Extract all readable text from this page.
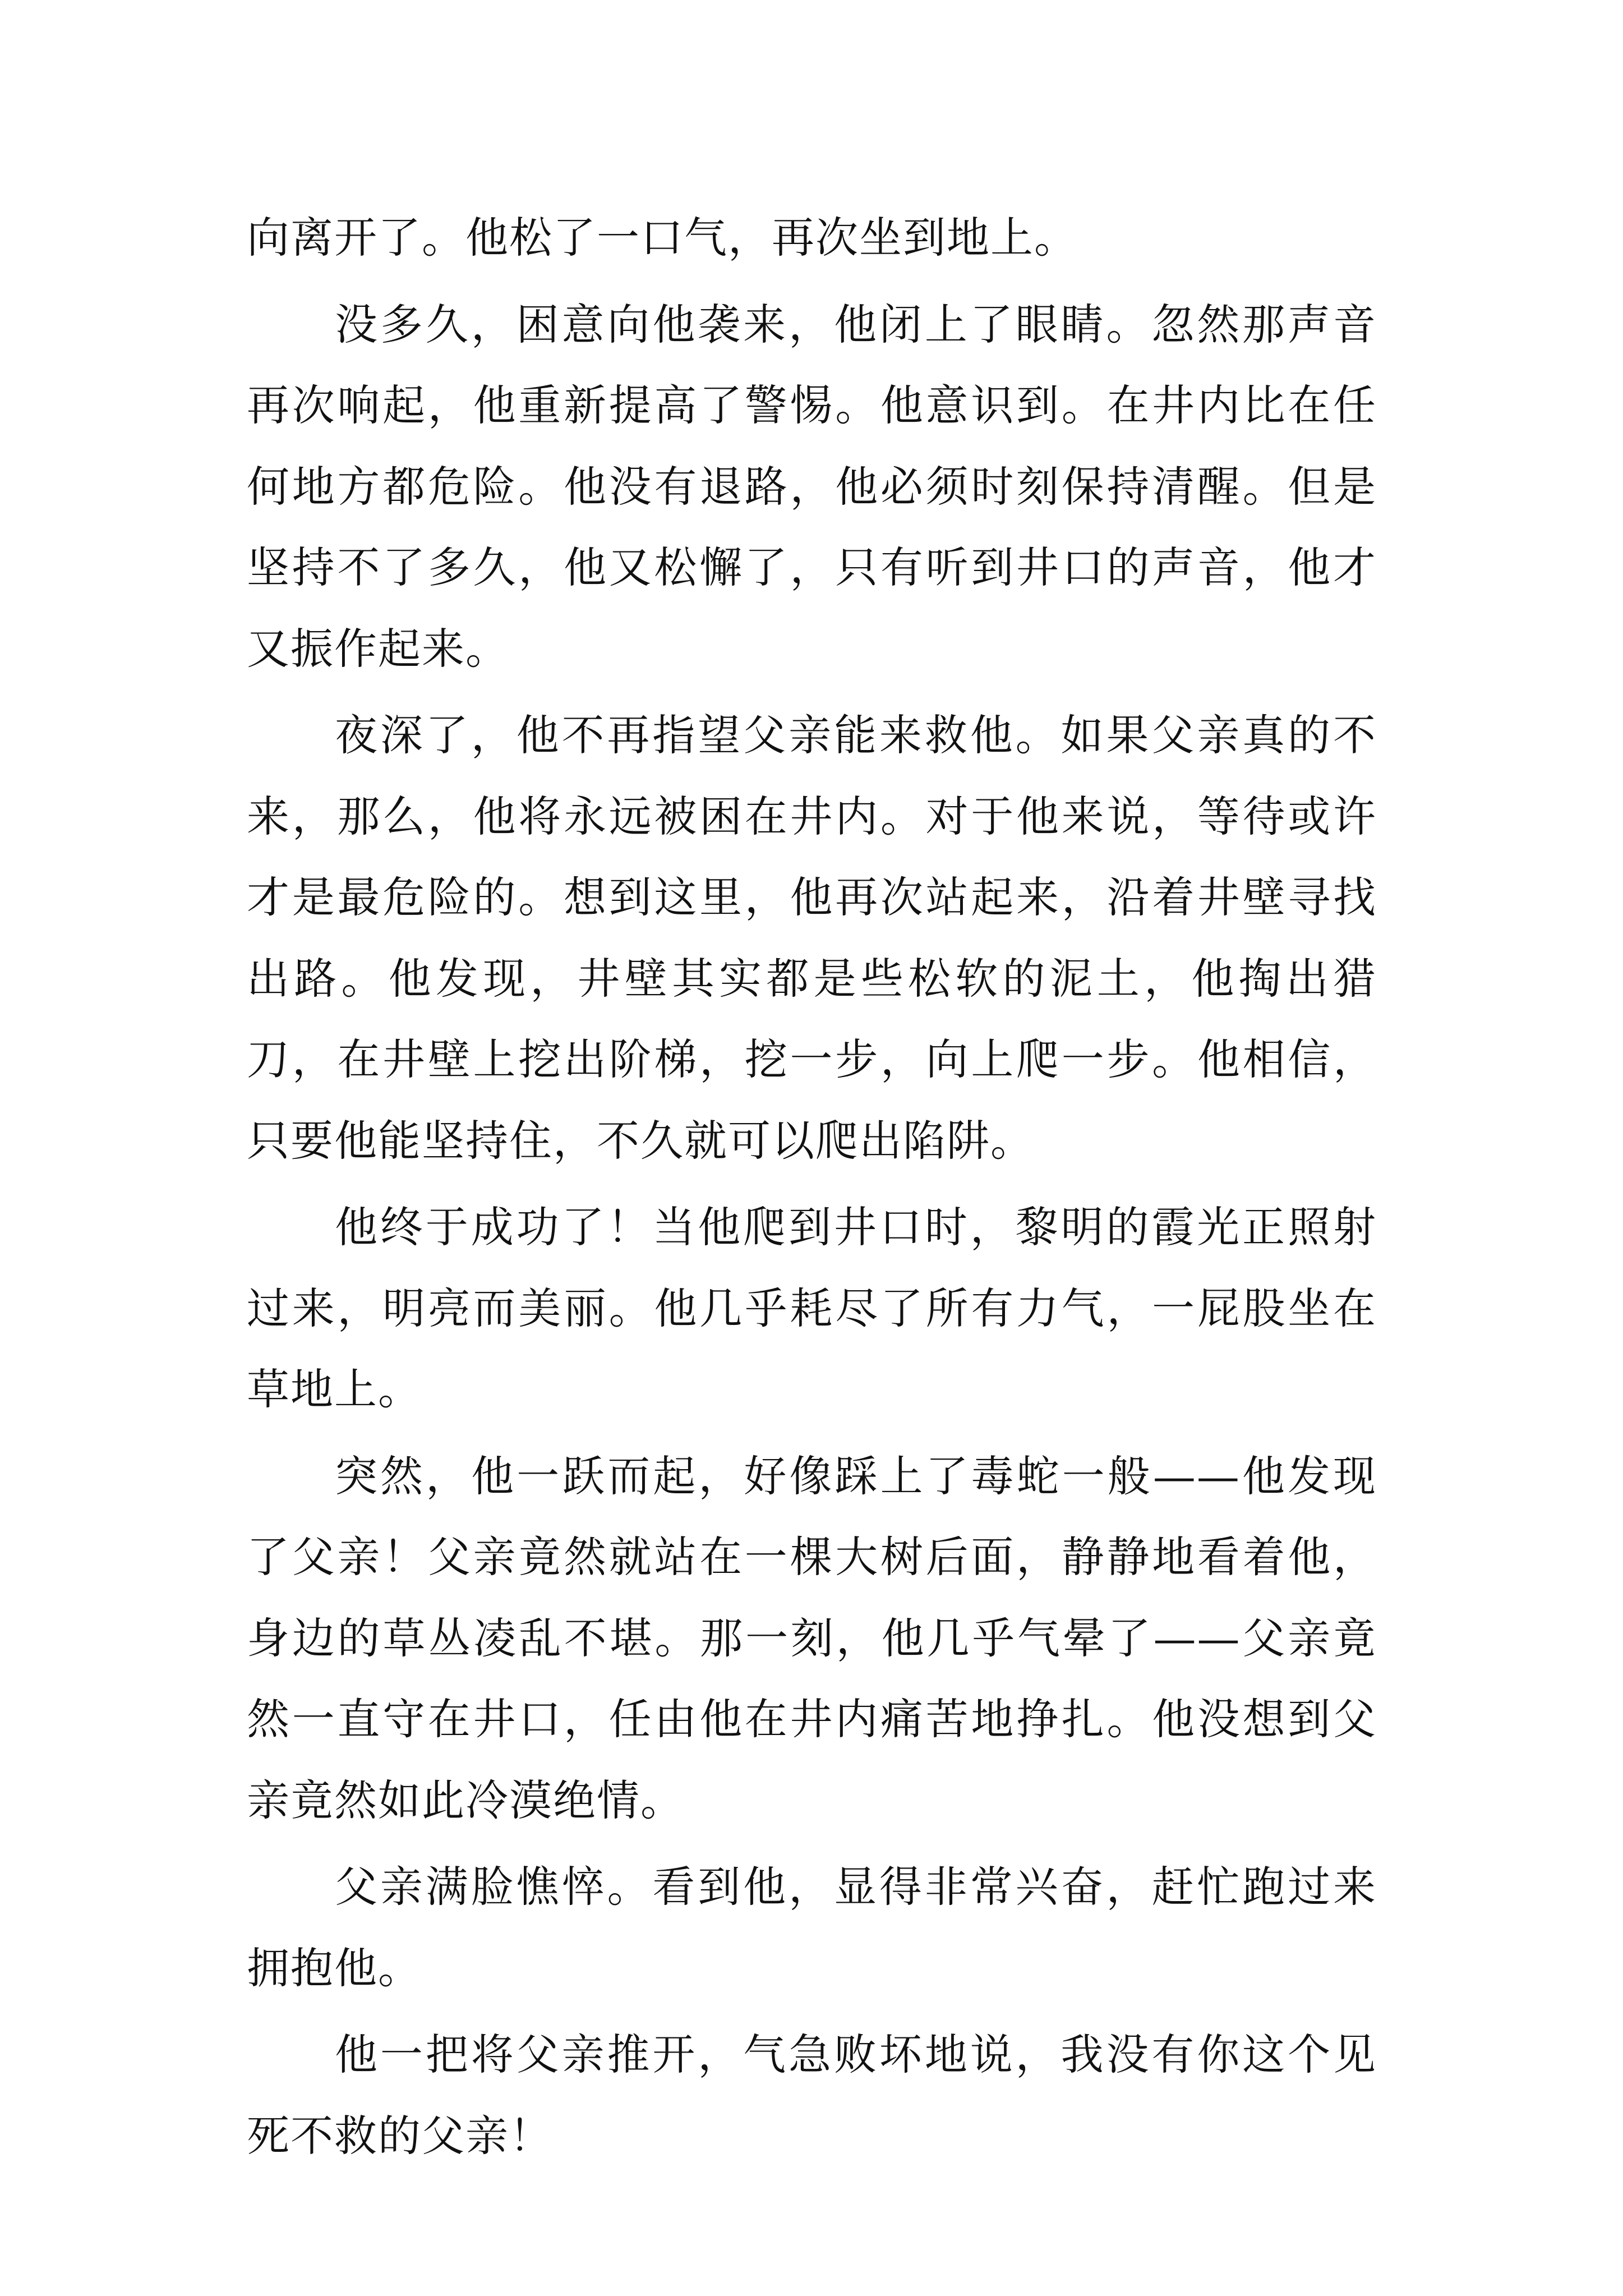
向离开了。他松了一口气，再次坐到地上。

没多久，困意向他袭来，他闭上了眼睛。忽然那声音再次响起，他重新提高了警惕。他意识到。在井内比在任何地方都危险。他没有退路，他必须时刻保持清醒。但是坚持不了多久，他又松懈了，只有听到井口的声音，他才又振作起来。

夜深了，他不再指望父亲能来救他。如果父亲真的不来，那么，他将永远被困在井内。对于他来说，等待或许才是最危险的。想到这里，他再次站起来，沿着井壁寻找出路。他发现，井壁其实都是些松软的泥土，他掏出猎刀，在井壁上挖出阶梯，挖一步，向上爬一步。他相信，只要他能坚持住，不久就可以爬出陷阱。

他终于成功了！当他爬到井口时，黎明的霞光正照射过来，明亮而美丽。他几乎耗尽了所有力气，一屁股坐在草地上。

突然，他一跃而起，好像踩上了毒蛇一般——他发现了父亲！父亲竟然就站在一棵大树后面，静静地看着他，身边的草丛凌乱不堪。那一刻，他几乎气晕了——父亲竟然一直守在井口，任由他在井内痛苦地挣扎。他没想到父亲竟然如此冷漠绝情。

父亲满脸憔悴。看到他，显得非常兴奋，赶忙跑过来拥抱他。

他一把将父亲推开，气急败坏地说，我没有你这个见死不救的父亲！
